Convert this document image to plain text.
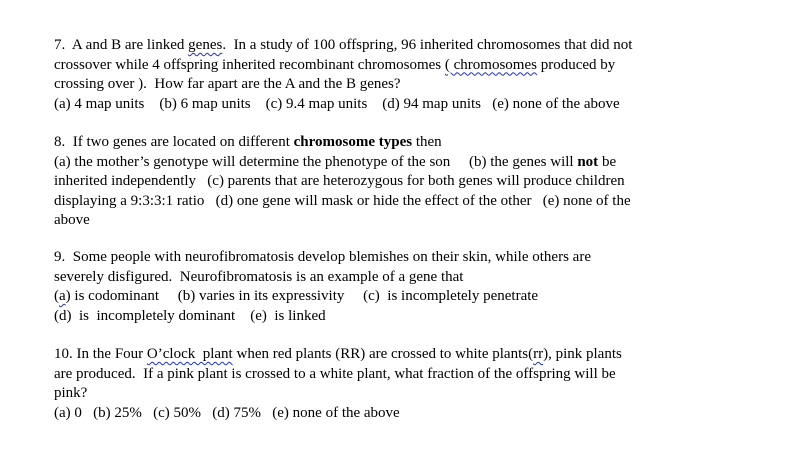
7.  A and B are linked genes.  In a study of 100 offspring, 96 inherited chromosomes that did not
crossover while 4 offspring inherited recombinant chromosomes ( chromosomes produced by
crossing over ).  How far apart are the A and the B genes?
(a) 4 map units    (b) 6 map units    (c) 9.4 map units    (d) 94 map units   (e) none of the above
8.  If two genes are located on different chromosome types then
(a) the mother’s genotype will determine the phenotype of the son     (b) the genes will not be
inherited independently   (c) parents that are heterozygous for both genes will produce children
displaying a 9:3:3:1 ratio   (d) one gene will mask or hide the effect of the other   (e) none of the
above
9.  Some people with neurofibromatosis develop blemishes on their skin, while others are
severely disfigured.  Neurofibromatosis is an example of a gene that
(a) is codominant     (b) varies in its expressivity     (c)  is incompletely penetrate
(d)  is  incompletely dominant    (e)  is linked
10. In the Four O’clock  plant when red plants (RR) are crossed to white plants(rr), pink plants
are produced.  If a pink plant is crossed to a white plant, what fraction of the offspring will be
pink?
(a) 0   (b) 25%   (c) 50%   (d) 75%   (e) none of the above
